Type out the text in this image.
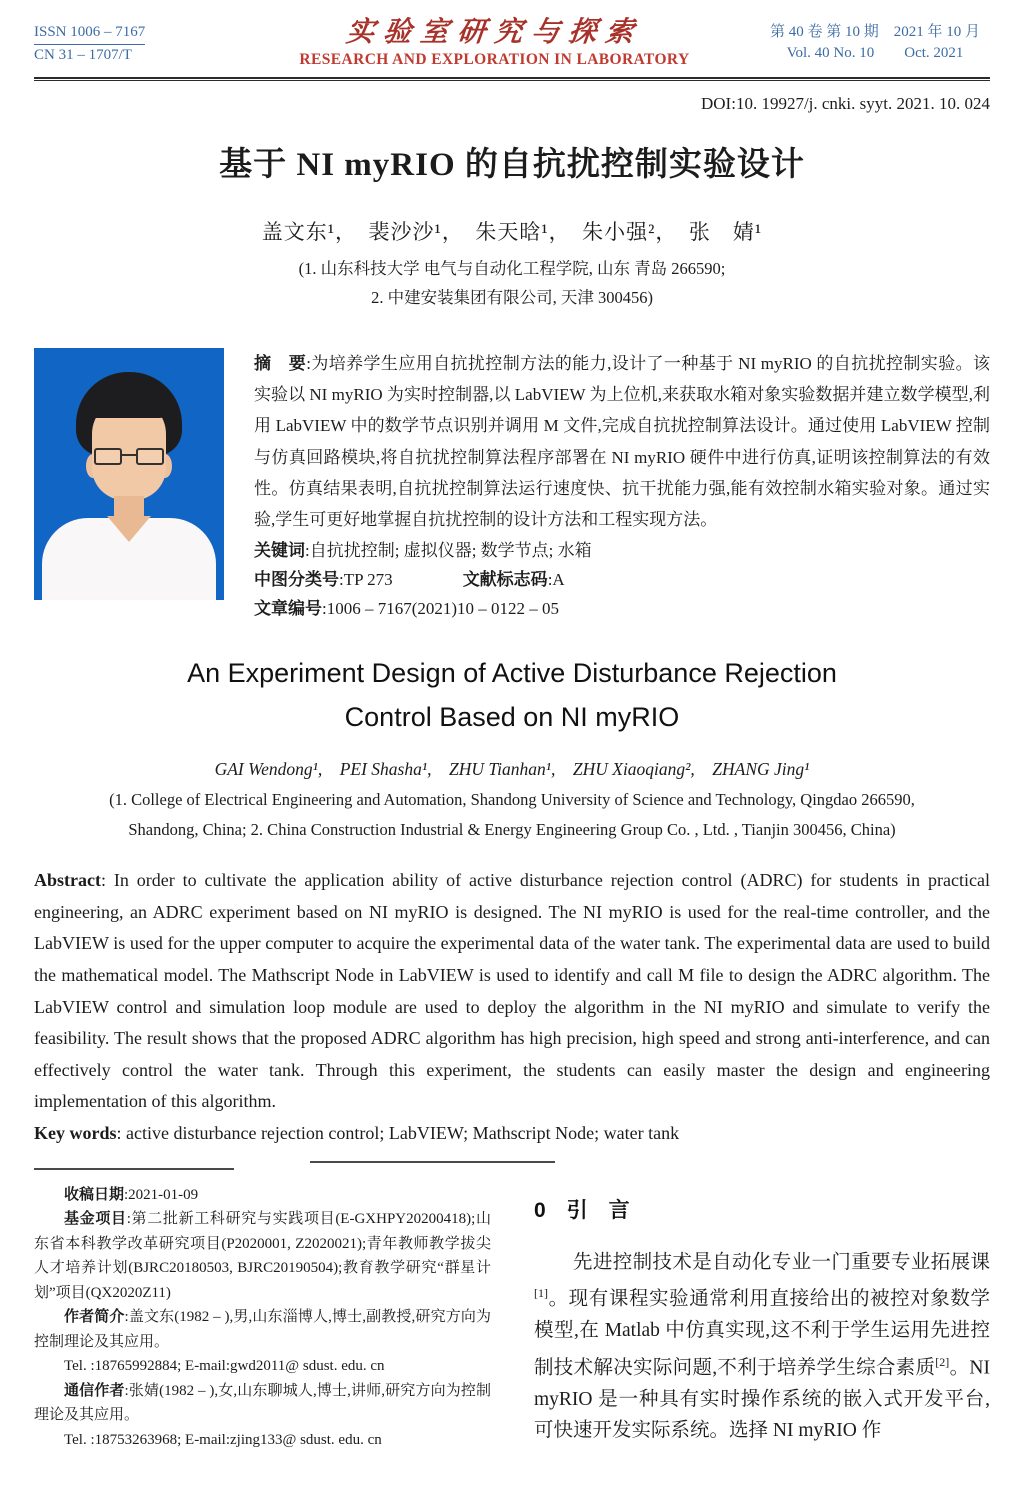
ISSN 1006 – 7167
CN 31 – 1707/T
实验室研究与探索
RESEARCH AND EXPLORATION IN LABORATORY
第 40 卷 第 10 期　2021 年 10 月
Vol. 40 No. 10　　Oct. 2021
DOI:10. 19927/j. cnki. syyt. 2021. 10. 024
基于 NI myRIO 的自抗扰控制实验设计
盖文东¹，　裴沙沙¹，　朱天晗¹，　朱小强²，　张　婧¹
(1. 山东科技大学 电气与自动化工程学院, 山东 青岛 266590;
2. 中建安装集团有限公司, 天津 300456)

摘　要:为培养学生应用自抗扰控制方法的能力,设计了一种基于 NI myRIO 的自抗扰控制实验。该实验以 NI myRIO 为实时控制器,以 LabVIEW 为上位机,来获取水箱对象实验数据并建立数学模型,利用 LabVIEW 中的数学节点识别并调用 M 文件,完成自抗扰控制算法设计。通过使用 LabVIEW 控制与仿真回路模块,将自抗扰控制算法程序部署在 NI myRIO 硬件中进行仿真,证明该控制算法的有效性。仿真结果表明,自抗扰控制算法运行速度快、抗干扰能力强,能有效控制水箱实验对象。通过实验,学生可更好地掌握自抗扰控制的设计方法和工程实现方法。

关键词:自抗扰控制; 虚拟仪器; 数学节点; 水箱

中图分类号:TP 273	文献标志码:A

文章编号:1006 – 7167(2021)10 – 0122 – 05

An Experiment Design of Active Disturbance Rejection
Control Based on NI myRIO
GAI Wendong¹,　PEI Shasha¹,　ZHU Tianhan¹,　ZHU Xiaoqiang²,　ZHANG Jing¹
(1. College of Electrical Engineering and Automation, Shandong University of Science and Technology, Qingdao 266590,
Shandong, China; 2. China Construction Industrial & Energy Engineering Group Co. , Ltd. , Tianjin 300456, China)

Abstract: In order to cultivate the application ability of active disturbance rejection control (ADRC) for students in practical engineering, an ADRC experiment based on NI myRIO is designed. The NI myRIO is used for the real-time controller, and the LabVIEW is used for the upper computer to acquire the experimental data of the water tank. The experimental data are used to build the mathematical model. The Mathscript Node in LabVIEW is used to identify and call M file to design the ADRC algorithm. The LabVIEW control and simulation loop module are used to deploy the algorithm in the NI myRIO and simulate to verify the feasibility. The result shows that the proposed ADRC algorithm has high precision, high speed and strong anti-interference, and can effectively control the water tank. Through this experiment, the students can easily master the design and engineering implementation of this algorithm.

Key words: active disturbance rejection control; LabVIEW; Mathscript Node; water tank

收稿日期:2021-01-09

基金项目:第二批新工科研究与实践项目(E-GXHPY20200418);山东省本科教学改革研究项目(P2020001, Z2020021);青年教师教学拔尖人才培养计划(BJRC20180503, BJRC20190504);教育教学研究“群星计划”项目(QX2020Z11)

作者简介:盖文东(1982 – ),男,山东淄博人,博士,副教授,研究方向为控制理论及其应用。

Tel. :18765992884; E-mail:gwd2011@ sdust. edu. cn

通信作者:张婧(1982 – ),女,山东聊城人,博士,讲师,研究方向为控制理论及其应用。

Tel. :18753263968; E-mail:zjing133@ sdust. edu. cn

0　引　言

先进控制技术是自动化专业一门重要专业拓展课[1]。现有课程实验通常利用直接给出的被控对象数学模型,在 Matlab 中仿真实现,这不利于学生运用先进控制技术解决实际问题,不利于培养学生综合素质[2]。NI myRIO 是一种具有实时操作系统的嵌入式开发平台,可快速开发实际系统。选择 NI myRIO 作
